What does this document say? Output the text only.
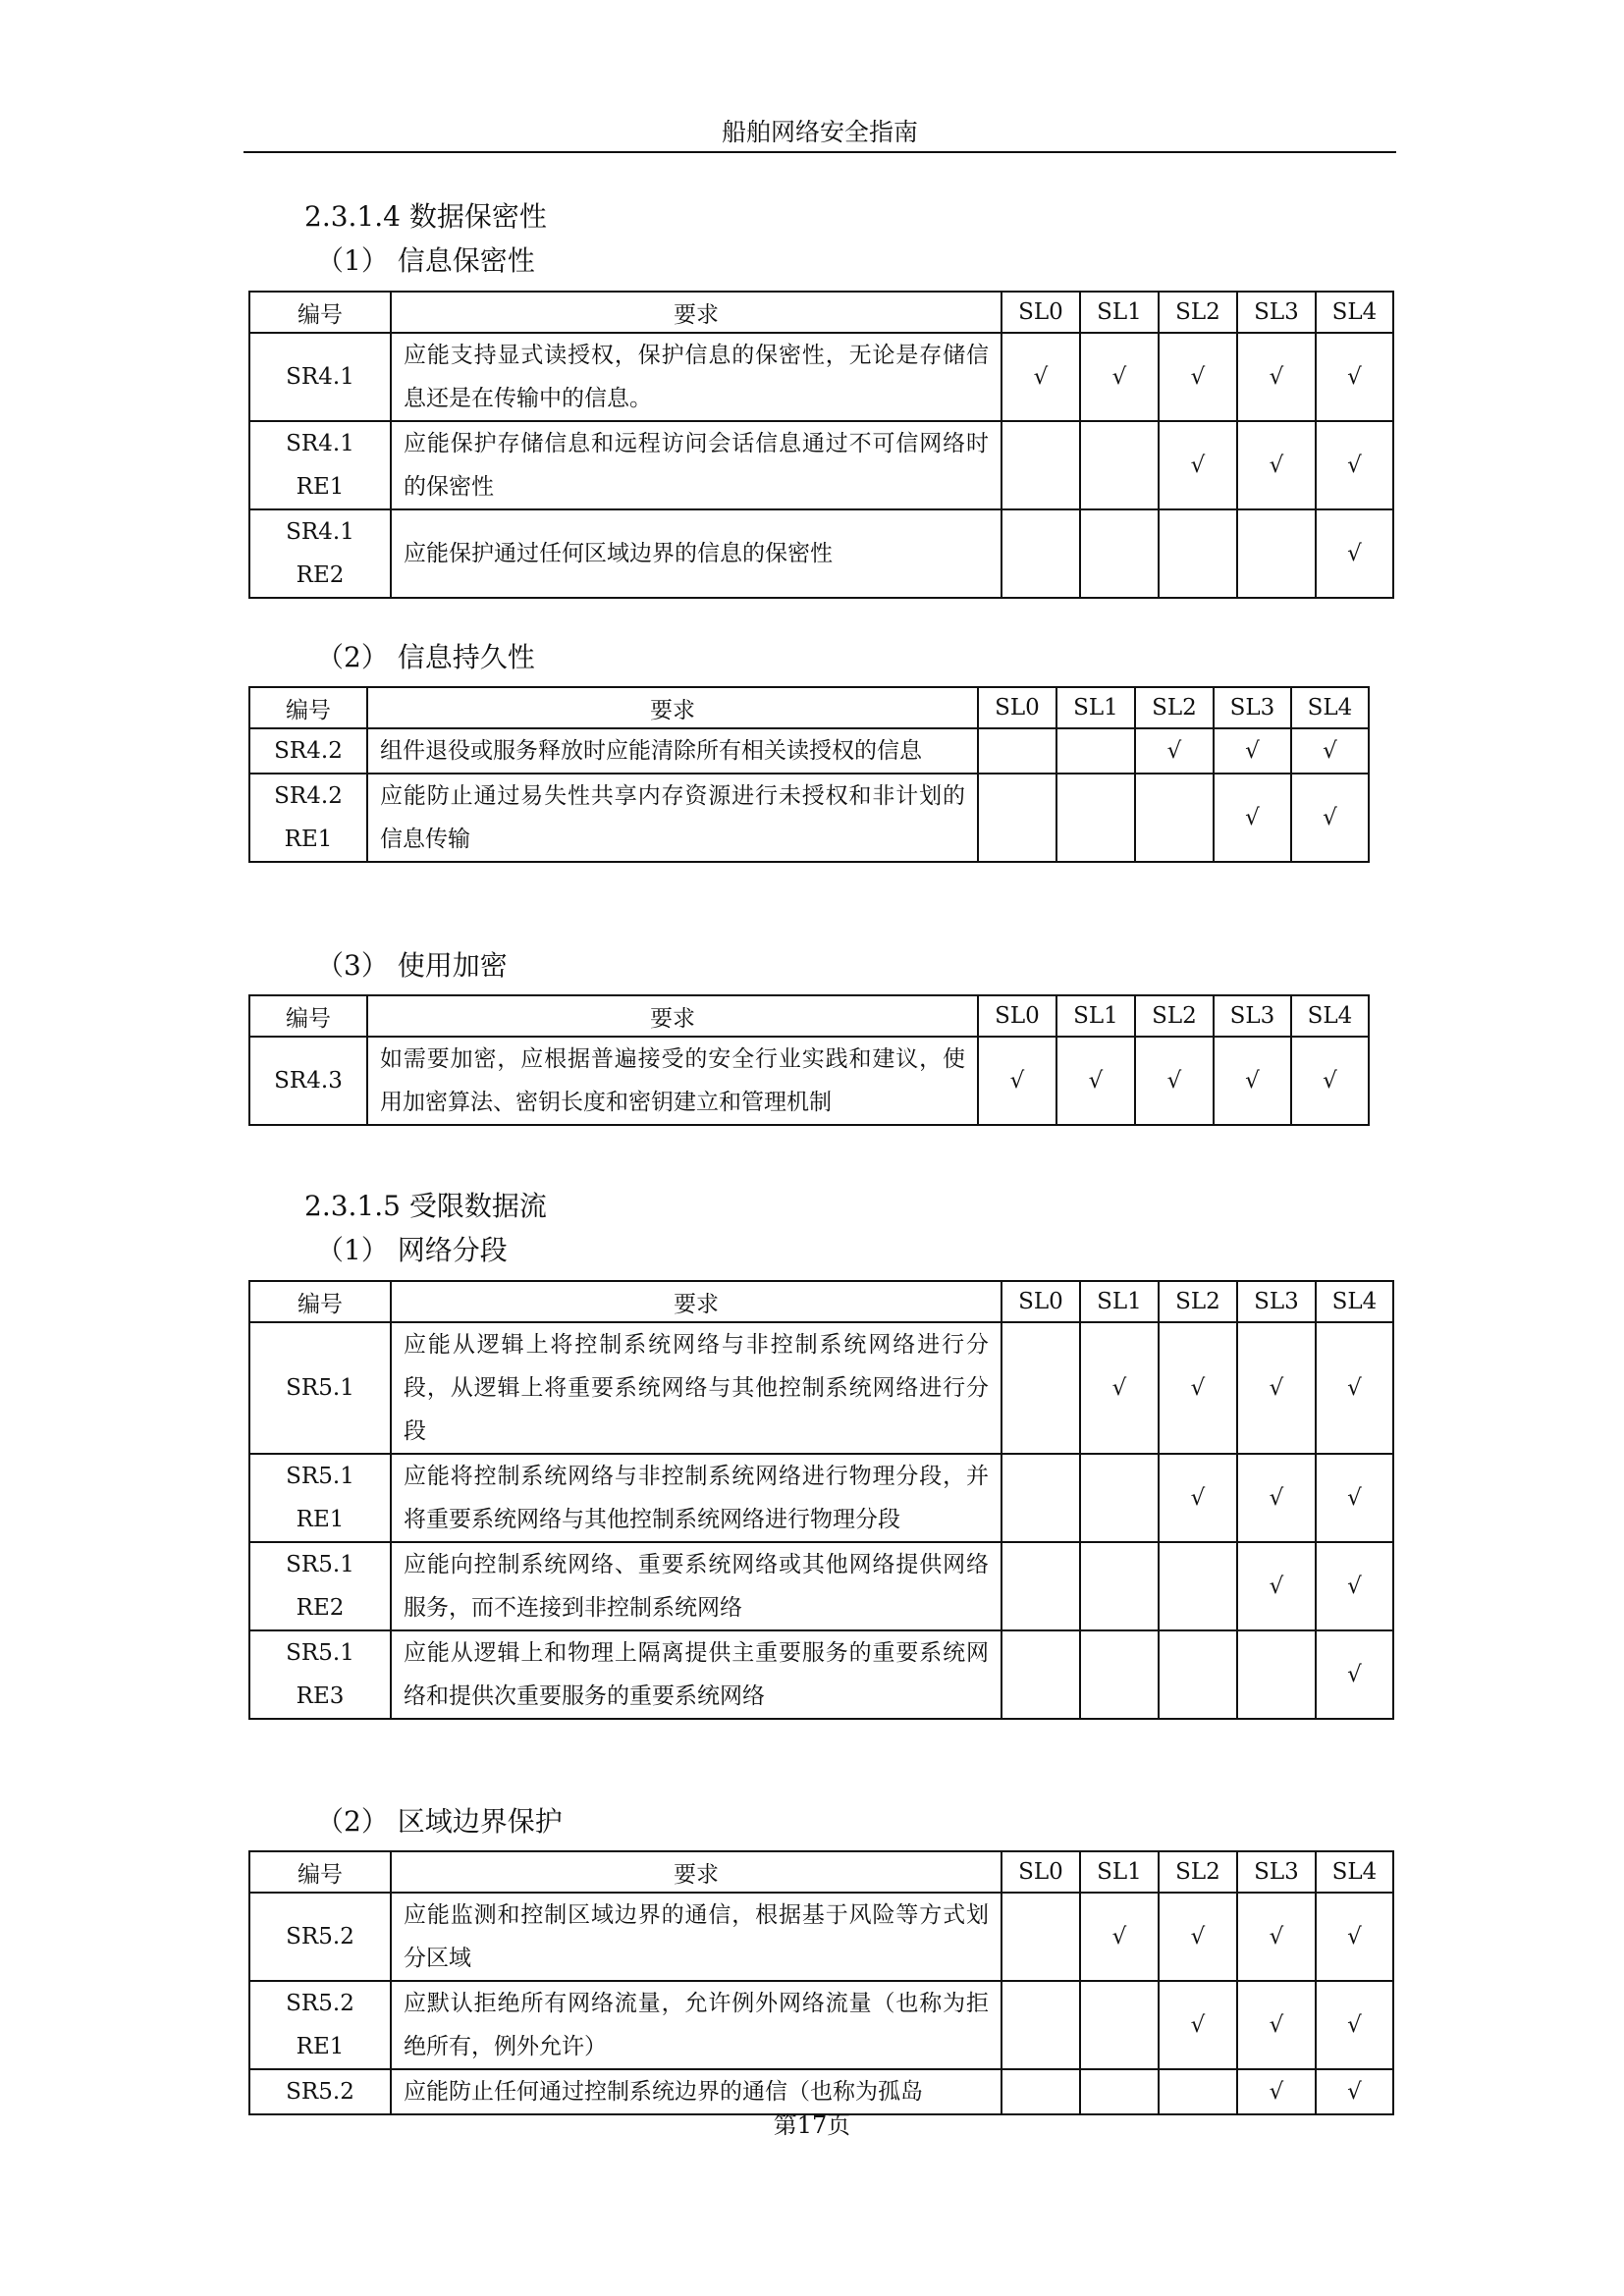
船舶网络安全指南
2.3.1.4 数据保密性
（1） 信息保密性
编号	要求	SL0	SL1	SL2	SL3	SL4

SR4.1	应能支持显式读授权，保护信息的保密性，无论是存储信息还是在传输中的信息。	√	√	√	√	√

SR4.1
RE1	应能保护存储信息和远程访问会话信息通过不可信网络时的保密性			√	√	√

SR4.1
RE2	应能保护通过任何区域边界的信息的保密性					√
（2） 信息持久性
编号	要求	SL0	SL1	SL2	SL3	SL4

SR4.2	组件退役或服务释放时应能清除所有相关读授权的信息			√	√	√

SR4.2
RE1	应能防止通过易失性共享内存资源进行未授权和非计划的信息传输				√	√
（3） 使用加密
编号	要求	SL0	SL1	SL2	SL3	SL4

SR4.3	如需要加密，应根据普遍接受的安全行业实践和建议，使用加密算法、密钥长度和密钥建立和管理机制	√	√	√	√	√
2.3.1.5 受限数据流
（1） 网络分段
编号	要求	SL0	SL1	SL2	SL3	SL4

SR5.1	应能从逻辑上将控制系统网络与非控制系统网络进行分段，从逻辑上将重要系统网络与其他控制系统网络进行分段		√	√	√	√

SR5.1
RE1	应能将控制系统网络与非控制系统网络进行物理分段，并将重要系统网络与其他控制系统网络进行物理分段			√	√	√

SR5.1
RE2	应能向控制系统网络、重要系统网络或其他网络提供网络服务，而不连接到非控制系统网络				√	√

SR5.1
RE3	应能从逻辑上和物理上隔离提供主重要服务的重要系统网络和提供次重要服务的重要系统网络					√
（2） 区域边界保护
编号	要求	SL0	SL1	SL2	SL3	SL4

SR5.2	应能监测和控制区域边界的通信，根据基于风险等方式划分区域		√	√	√	√

SR5.2
RE1	应默认拒绝所有网络流量，允许例外网络流量（也称为拒绝所有，例外允许）			√	√	√

SR5.2	应能防止任何通过控制系统边界的通信（也称为孤岛				√	√
第17页
